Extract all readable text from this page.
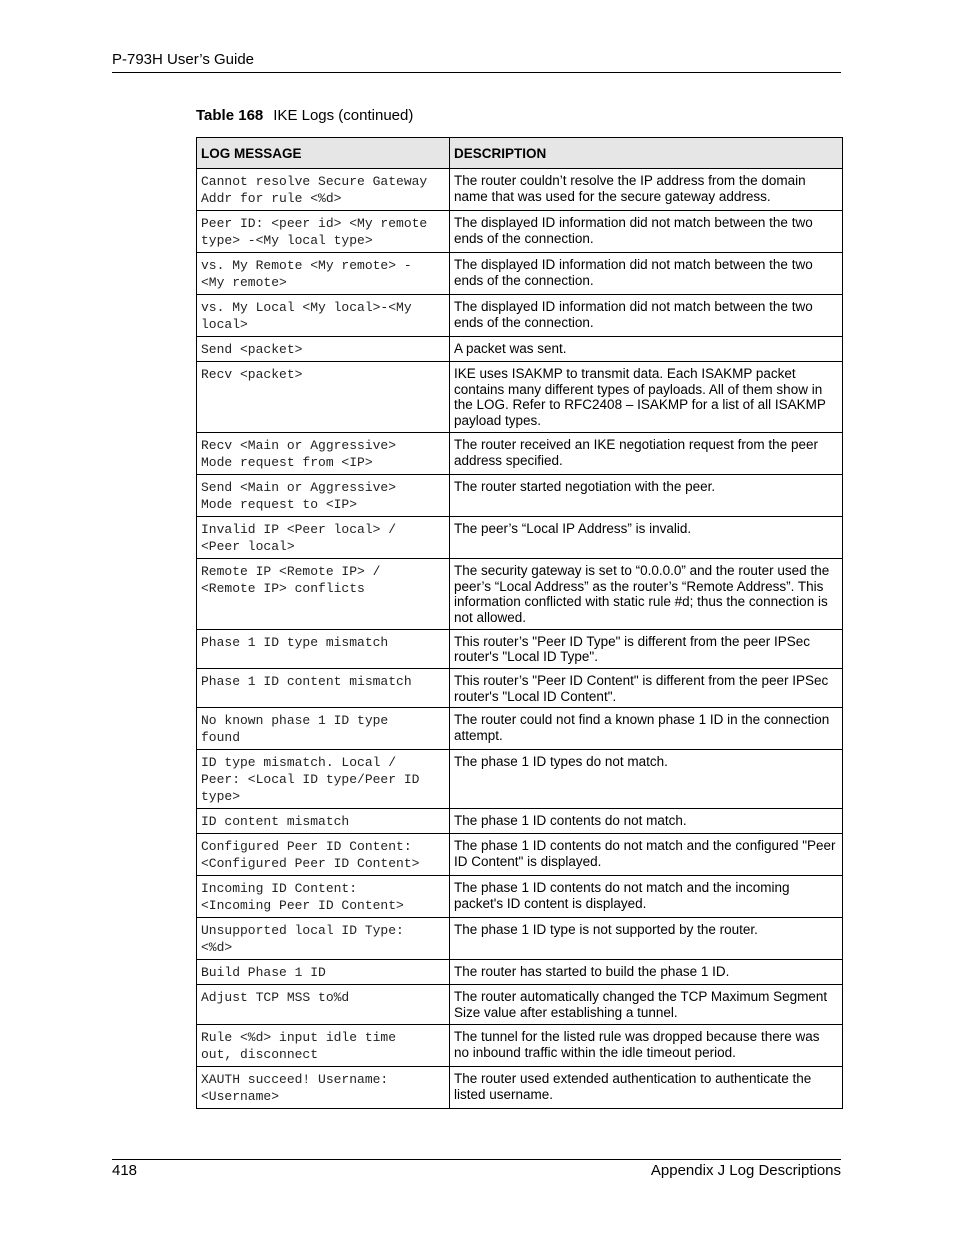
P-793H User’s Guide
Table 168 IKE Logs (continued)
LOG MESSAGE	DESCRIPTION
Cannot resolve Secure Gateway
Addr for rule <%d>	The router couldn’t resolve the IP address from the domain name that was used for the secure gateway address.
Peer ID: <peer id> <My remote
type> -<My local type>	The displayed ID information did not match between the two ends of the connection.
vs. My Remote <My remote> -
<My remote>	The displayed ID information did not match between the two ends of the connection.
vs. My Local <My local>-<My
local>	The displayed ID information did not match between the two ends of the connection.
Send <packet>	A packet was sent.
Recv <packet>	IKE uses ISAKMP to transmit data. Each ISAKMP packet contains many different types of payloads. All of them show in the LOG. Refer to RFC2408 – ISAKMP for a list of all ISAKMP payload types.
Recv <Main or Aggressive>
Mode request from <IP>	The router received an IKE negotiation request from the peer address specified.
Send <Main or Aggressive>
Mode request to <IP>	The router started negotiation with the peer.
Invalid IP <Peer local> /
<Peer local>	The peer’s “Local IP Address” is invalid.
Remote IP <Remote IP> /
<Remote IP> conflicts	The security gateway is set to “0.0.0.0” and the router used the peer’s “Local Address” as the router’s “Remote Address”. This information conflicted with static rule #d; thus the connection is not allowed.
Phase 1 ID type mismatch	This router’s "Peer ID Type" is different from the peer IPSec router's "Local ID Type".
Phase 1 ID content mismatch	This router’s "Peer ID Content" is different from the peer IPSec router's "Local ID Content".
No known phase 1 ID type
found	The router could not find a known phase 1 ID in the connection attempt.
ID type mismatch. Local /
Peer: <Local ID type/Peer ID
type>	The phase 1 ID types do not match.
ID content mismatch	The phase 1 ID contents do not match.
Configured Peer ID Content:
<Configured Peer ID Content>	The phase 1 ID contents do not match and the configured "Peer ID Content" is displayed.
Incoming ID Content:
<Incoming Peer ID Content>	The phase 1 ID contents do not match and the incoming packet's ID content is displayed.
Unsupported local ID Type:
<%d>	The phase 1 ID type is not supported by the router.
Build Phase 1 ID	The router has started to build the phase 1 ID.
Adjust TCP MSS to%d	The router automatically changed the TCP Maximum Segment Size value after establishing a tunnel.
Rule <%d> input idle time
out, disconnect	The tunnel for the listed rule was dropped because there was no inbound traffic within the idle timeout period.
XAUTH succeed! Username:
<Username>	The router used extended authentication to authenticate the listed username.
418	Appendix J Log Descriptions
